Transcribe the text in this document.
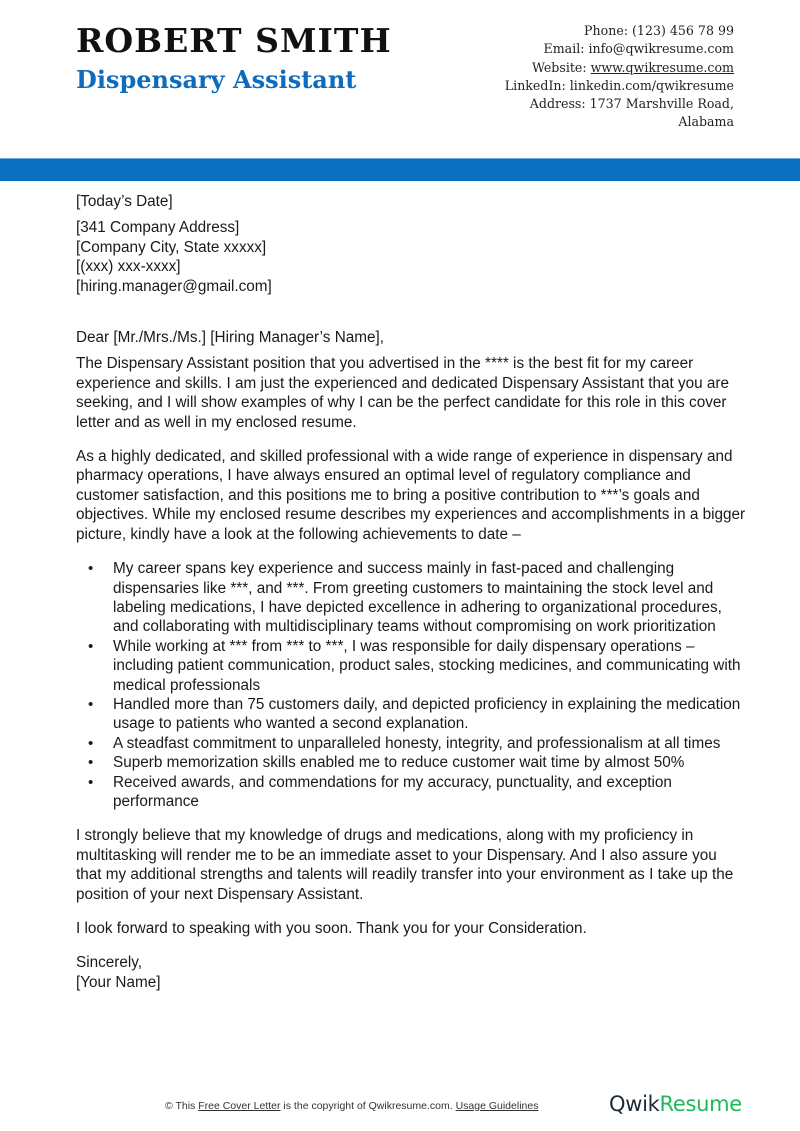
ROBERT SMITH
Dispensary Assistant
Phone: (123) 456 78 99
Email: info@qwikresume.com
Website: www.qwikresume.com
LinkedIn: linkedin.com/qwikresume
Address: 1737 Marshville Road,
Alabama

[Today’s Date]

[341 Company Address]

[Company City, State xxxxx]

[(xxx) xxx-xxxx]

[hiring.manager@gmail.com]

Dear [Mr./Mrs./Ms.] [Hiring Manager’s Name],

The Dispensary Assistant position that you advertised in the **** is the best fit for my career experience and skills. I am just the experienced and dedicated Dispensary Assistant that you are seeking, and I will show examples of why I can be the perfect candidate for this role in this cover letter and as well in my enclosed resume.

As a highly dedicated, and skilled professional with a wide range of experience in dispensary and pharmacy operations, I have always ensured an optimal level of regulatory compliance and customer satisfaction, and this positions me to bring a positive contribution to ***’s goals and objectives. While my enclosed resume describes my experiences and accomplishments in a bigger picture, kindly have a look at the following achievements to date –

• My career spans key experience and success mainly in fast-paced and challenging dispensaries like ***, and ***. From greeting customers to maintaining the stock level and labeling medications, I have depicted excellence in adhering to organizational procedures, and collaborating with multidisciplinary teams without compromising on work prioritization
• While working at *** from *** to ***, I was responsible for daily dispensary operations – including patient communication, product sales, stocking medicines, and communicating with medical professionals
• Handled more than 75 customers daily, and depicted proficiency in explaining the medication usage to patients who wanted a second explanation.
• A steadfast commitment to unparalleled honesty, integrity, and professionalism at all times
• Superb memorization skills enabled me to reduce customer wait time by almost 50%
• Received awards, and commendations for my accuracy, punctuality, and exception performance

I strongly believe that my knowledge of drugs and medications, along with my proficiency in multitasking will render me to be an immediate asset to your Dispensary. And I also assure you that my additional strengths and talents will readily transfer into your environment as I take up the position of your next Dispensary Assistant.

I look forward to speaking with you soon. Thank you for your Consideration.

Sincerely,

[Your Name]

© This Free Cover Letter is the copyright of Qwikresume.com. Usage Guidelines	QwikResume
